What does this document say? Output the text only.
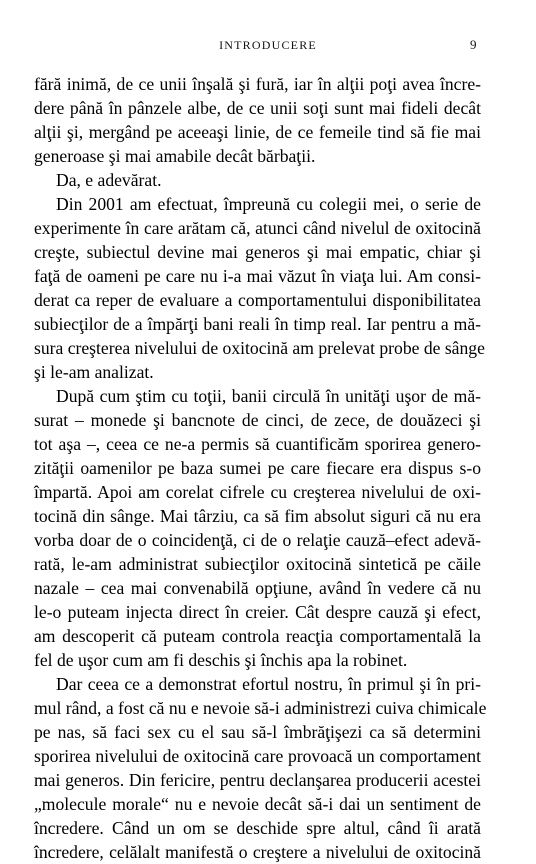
INTRODUCERE	9
fără inimă, de ce unii înşală şi fură, iar în alţii poţi avea încre-
dere până în pânzele albe, de ce unii soţi sunt mai fideli decât
alţii şi, mergând pe aceeaşi linie, de ce femeile tind să fie mai
generoase şi mai amabile decât bărbaţii.
Da, e adevărat.
Din 2001 am efectuat, împreună cu colegii mei, o serie de
experimente în care arătam că, atunci când nivelul de oxitocină
creşte, subiectul devine mai generos şi mai empatic, chiar şi
faţă de oameni pe care nu i-a mai văzut în viaţa lui. Am consi-
derat ca reper de evaluare a comportamentului disponibilitatea
subiecţilor de a împărţi bani reali în timp real. Iar pentru a mă-
sura creşterea nivelului de oxitocină am prelevat probe de sânge
şi le-am analizat.
După cum ştim cu toţii, banii circulă în unităţi uşor de mă-
surat – monede şi bancnote de cinci, de zece, de douăzeci şi
tot aşa –, ceea ce ne-a permis să cuantificăm sporirea genero-
zităţii oamenilor pe baza sumei pe care fiecare era dispus s-o
împartă. Apoi am corelat cifrele cu creşterea nivelului de oxi-
tocină din sânge. Mai târziu, ca să fim absolut siguri că nu era
vorba doar de o coincidenţă, ci de o relaţie cauză–efect adevă-
rată, le-am administrat subiecţilor oxitocină sintetică pe căile
nazale – cea mai convenabilă opţiune, având în vedere că nu
le-o puteam injecta direct în creier. Cât despre cauză şi efect,
am descoperit că puteam controla reacţia comportamentală la
fel de uşor cum am fi deschis şi închis apa la robinet.
Dar ceea ce a demonstrat efortul nostru, în primul şi în pri-
mul rând, a fost că nu e nevoie să-i administrezi cuiva chimicale
pe nas, să faci sex cu el sau să-l îmbrăţişezi ca să determini
sporirea nivelului de oxitocină care provoacă un comportament
mai generos. Din fericire, pentru declanşarea producerii acestei
„molecule morale“ nu e nevoie decât să-i dai un sentiment de
încredere. Când un om se deschide spre altul, când îi arată
încredere, celălalt manifestă o creştere a nivelului de oxitocină
